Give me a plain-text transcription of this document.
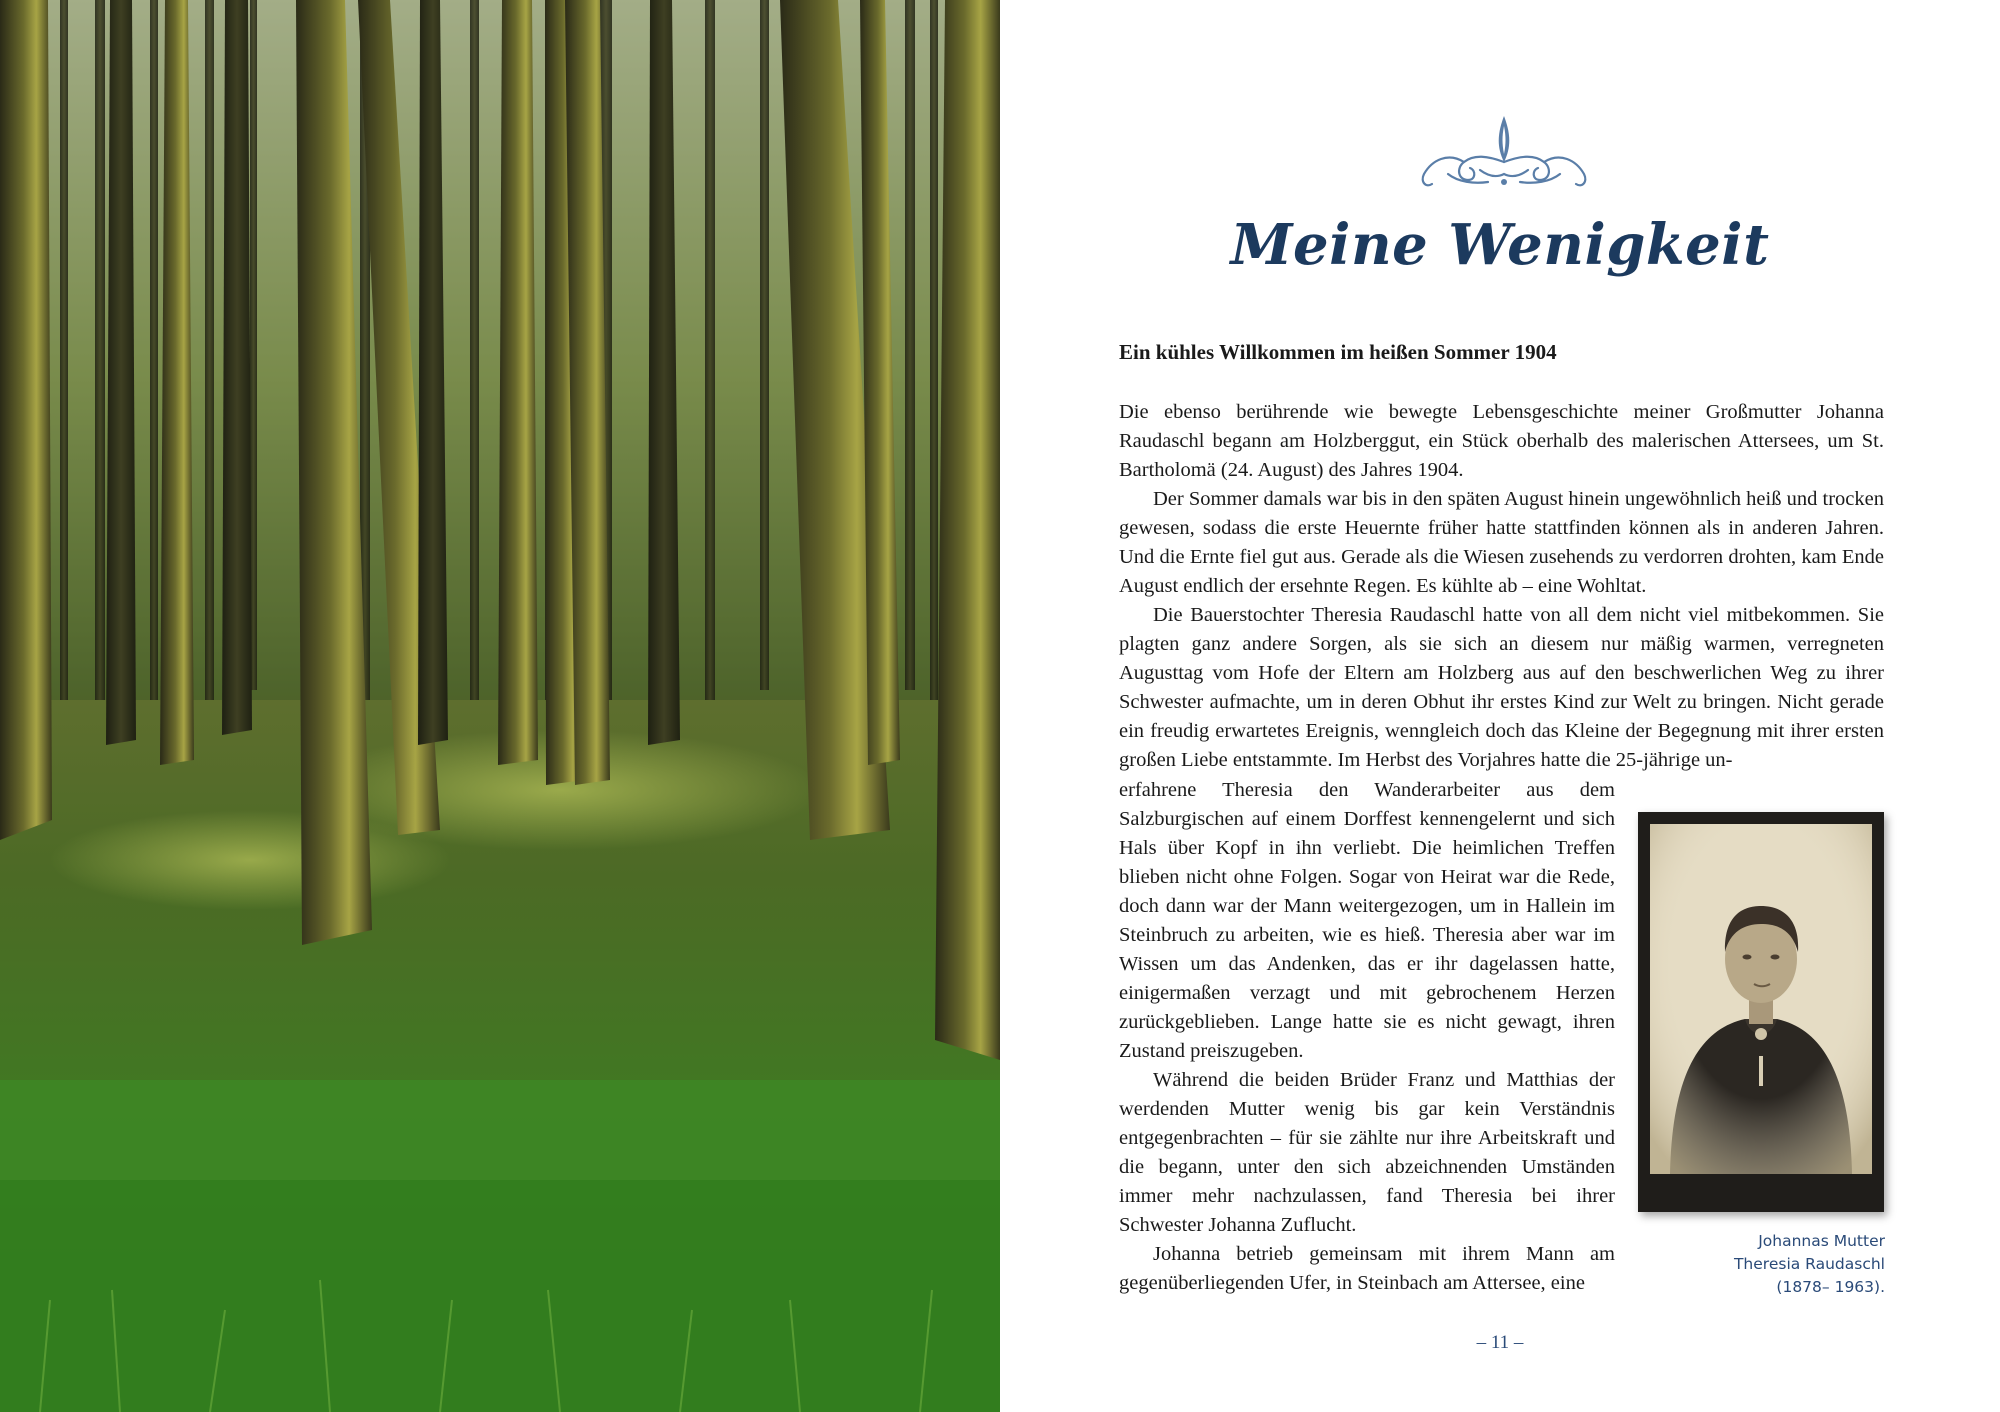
Meine Wenigkeit
Ein kühles Willkommen im heißen Sommer 1904

Die ebenso berührende wie bewegte Lebensgeschichte meiner Großmutter Johanna Raudaschl begann am Holzberggut, ein Stück oberhalb des malerischen Attersees, um St. Bartholomä (24. August) des Jahres 1904.

Der Sommer damals war bis in den späten August hinein ungewöhnlich heiß und trocken gewesen, sodass die erste Heuernte früher hatte stattfinden können als in anderen Jahren. Und die Ernte fiel gut aus. Gerade als die Wiesen zusehends zu verdorren drohten, kam Ende August endlich der ersehnte Regen. Es kühlte ab – eine Wohltat.

Die Bauerstochter Theresia Raudaschl hatte von all dem nicht viel mitbekommen. Sie plagten ganz andere Sorgen, als sie sich an diesem nur mäßig warmen, verregneten Augusttag vom Hofe der Eltern am Holzberg aus auf den beschwerlichen Weg zu ihrer Schwester aufmachte, um in deren Obhut ihr erstes Kind zur Welt zu bringen. Nicht gerade ein freudig erwartetes Ereignis, wenngleich doch das Kleine der Begegnung mit ihrer ersten großen Liebe entstammte. Im Herbst des Vorjahres hatte die 25-jährige un-

erfahrene Theresia den Wanderarbeiter aus dem Salzburgischen auf einem Dorffest kennengelernt und sich Hals über Kopf in ihn verliebt. Die heimlichen Treffen blieben nicht ohne Folgen. Sogar von Heirat war die Rede, doch dann war der Mann weitergezogen, um in Hallein im Steinbruch zu arbeiten, wie es hieß. Theresia aber war im Wissen um das Andenken, das er ihr dagelassen hatte, einigermaßen verzagt und mit gebrochenem Herzen zurückgeblieben. Lange hatte sie es nicht gewagt, ihren Zustand preiszugeben.

Während die beiden Brüder Franz und Matthias der werdenden Mutter wenig bis gar kein Verständnis entgegenbrachten – für sie zählte nur ihre Arbeitskraft und die begann, unter den sich abzeichnenden Umständen immer mehr nachzulassen, fand Theresia bei ihrer Schwester Johanna Zuflucht.

Johanna betrieb gemeinsam mit ihrem Mann am gegenüberliegenden Ufer, in Steinbach am Attersee, eine

Johannas Mutter
Theresia Raudaschl
(1878– 1963).
– 11 –
